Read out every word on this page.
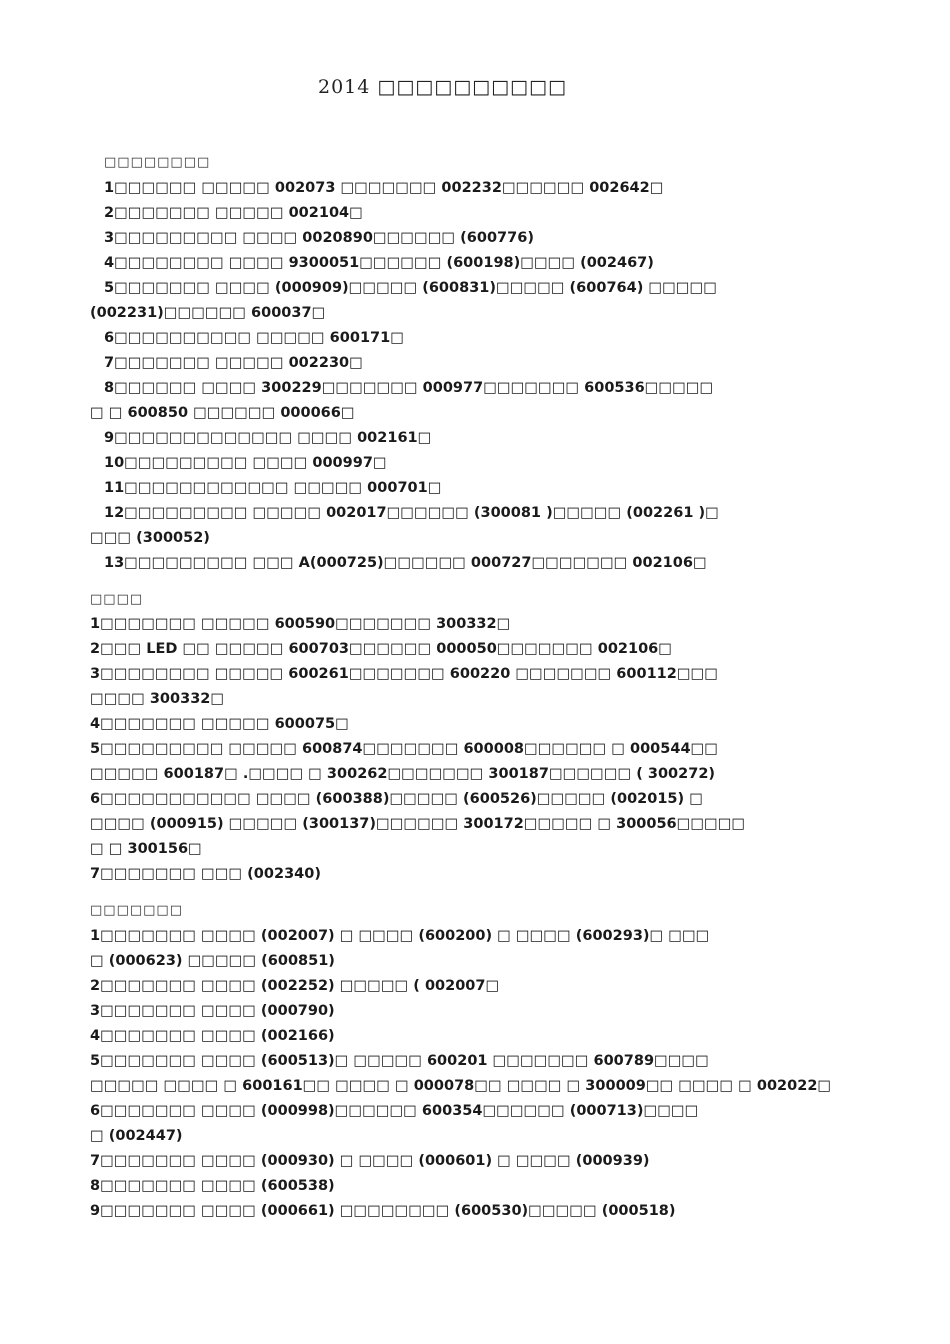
2014 □□□□□□□□□□
□□□□□□□□
1□□□□□□ □□□□□ 002073 □□□□□□□ 002232□□□□□□ 002642□
2□□□□□□□ □□□□□ 002104□
3□□□□□□□□□ □□□□ 0020890□□□□□□ (600776)
4□□□□□□□□ □□□□ 9300051□□□□□□ (600198)□□□□ (002467)
5□□□□□□□ □□□□ (000909)□□□□□ (600831)□□□□□ (600764) □□□□□
(002231)□□□□□□ 600037□
6□□□□□□□□□□ □□□□□ 600171□
7□□□□□□□ □□□□□ 002230□
8□□□□□□ □□□□ 300229□□□□□□□ 000977□□□□□□□ 600536□□□□□
□ □ 600850 □□□□□□ 000066□
9□□□□□□□□□□□□□ □□□□ 002161□
10□□□□□□□□□ □□□□ 000997□
11□□□□□□□□□□□□ □□□□□ 000701□
12□□□□□□□□□ □□□□□ 002017□□□□□□ (300081 )□□□□□ (002261 )□
□□□ (300052)
13□□□□□□□□□ □□□ A(000725)□□□□□□ 000727□□□□□□□ 002106□
□□□□
1□□□□□□□ □□□□□ 600590□□□□□□□ 300332□
2□□□ LED □□ □□□□□ 600703□□□□□□ 000050□□□□□□□ 002106□
3□□□□□□□□ □□□□□ 600261□□□□□□□ 600220 □□□□□□□ 600112□□□
□□□□ 300332□
4□□□□□□□ □□□□□ 600075□
5□□□□□□□□□ □□□□□ 600874□□□□□□□ 600008□□□□□□ □ 000544□□
□□□□□ 600187□ .□□□□ □ 300262□□□□□□□ 300187□□□□□□ ( 300272)
6□□□□□□□□□□□ □□□□ (600388)□□□□□ (600526)□□□□□ (002015) □
□□□□ (000915) □□□□□ (300137)□□□□□□ 300172□□□□□ □ 300056□□□□□
□ □ 300156□
7□□□□□□□ □□□ (002340)
□□□□□□□
1□□□□□□□ □□□□ (002007) □ □□□□ (600200) □ □□□□ (600293)□ □□□
□ (000623) □□□□□ (600851)
2□□□□□□□ □□□□ (002252) □□□□□ ( 002007□
3□□□□□□□ □□□□ (000790)
4□□□□□□□ □□□□ (002166)
5□□□□□□□ □□□□ (600513)□ □□□□□ 600201 □□□□□□□ 600789□□□□
□□□□□ □□□□ □ 600161□□ □□□□ □ 000078□□ □□□□ □ 300009□□ □□□□ □ 002022□
6□□□□□□□ □□□□ (000998)□□□□□□ 600354□□□□□□ (000713)□□□□
□ (002447)
7□□□□□□□ □□□□ (000930) □ □□□□ (000601) □ □□□□ (000939)
8□□□□□□□ □□□□ (600538)
9□□□□□□□ □□□□ (000661) □□□□□□□□ (600530)□□□□□ (000518)
